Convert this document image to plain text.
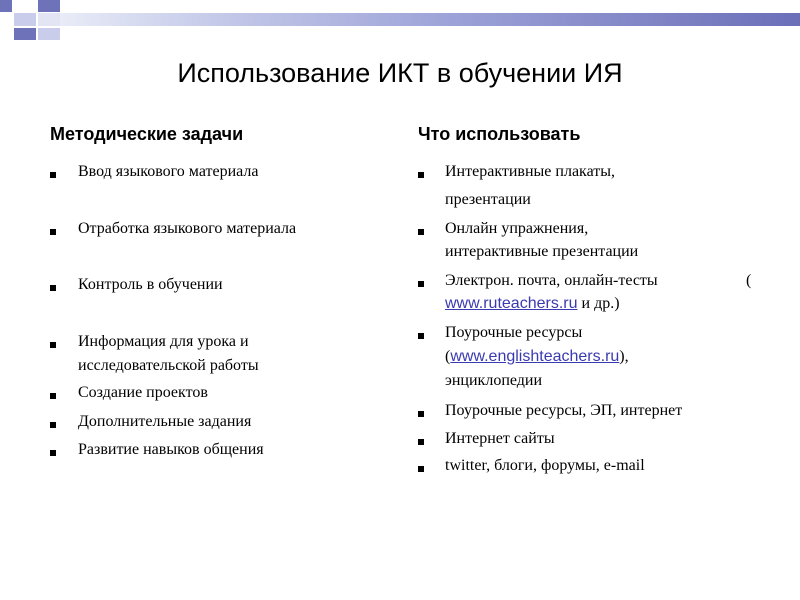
Использование ИКТ в обучении ИЯ
Методические задачи
Ввод языкового материала
Отработка языкового материала
Контроль в обучении
Информация для урока и
исследовательской работы
Создание проектов
Дополнительные задания
Развитие навыков общения
Что использовать
Интерактивные плакаты,
презентации
Онлайн упражнения,
интерактивные презентации
Электрон. почта, онлайн-тесты	(
www.ruteachers.ru и др.)
Поурочные ресурсы
(www.englishteachers.ru),
энциклопедии
Поурочные ресурсы, ЭП, интернет
Интернет сайты
twitter, блоги, форумы, e-mail
